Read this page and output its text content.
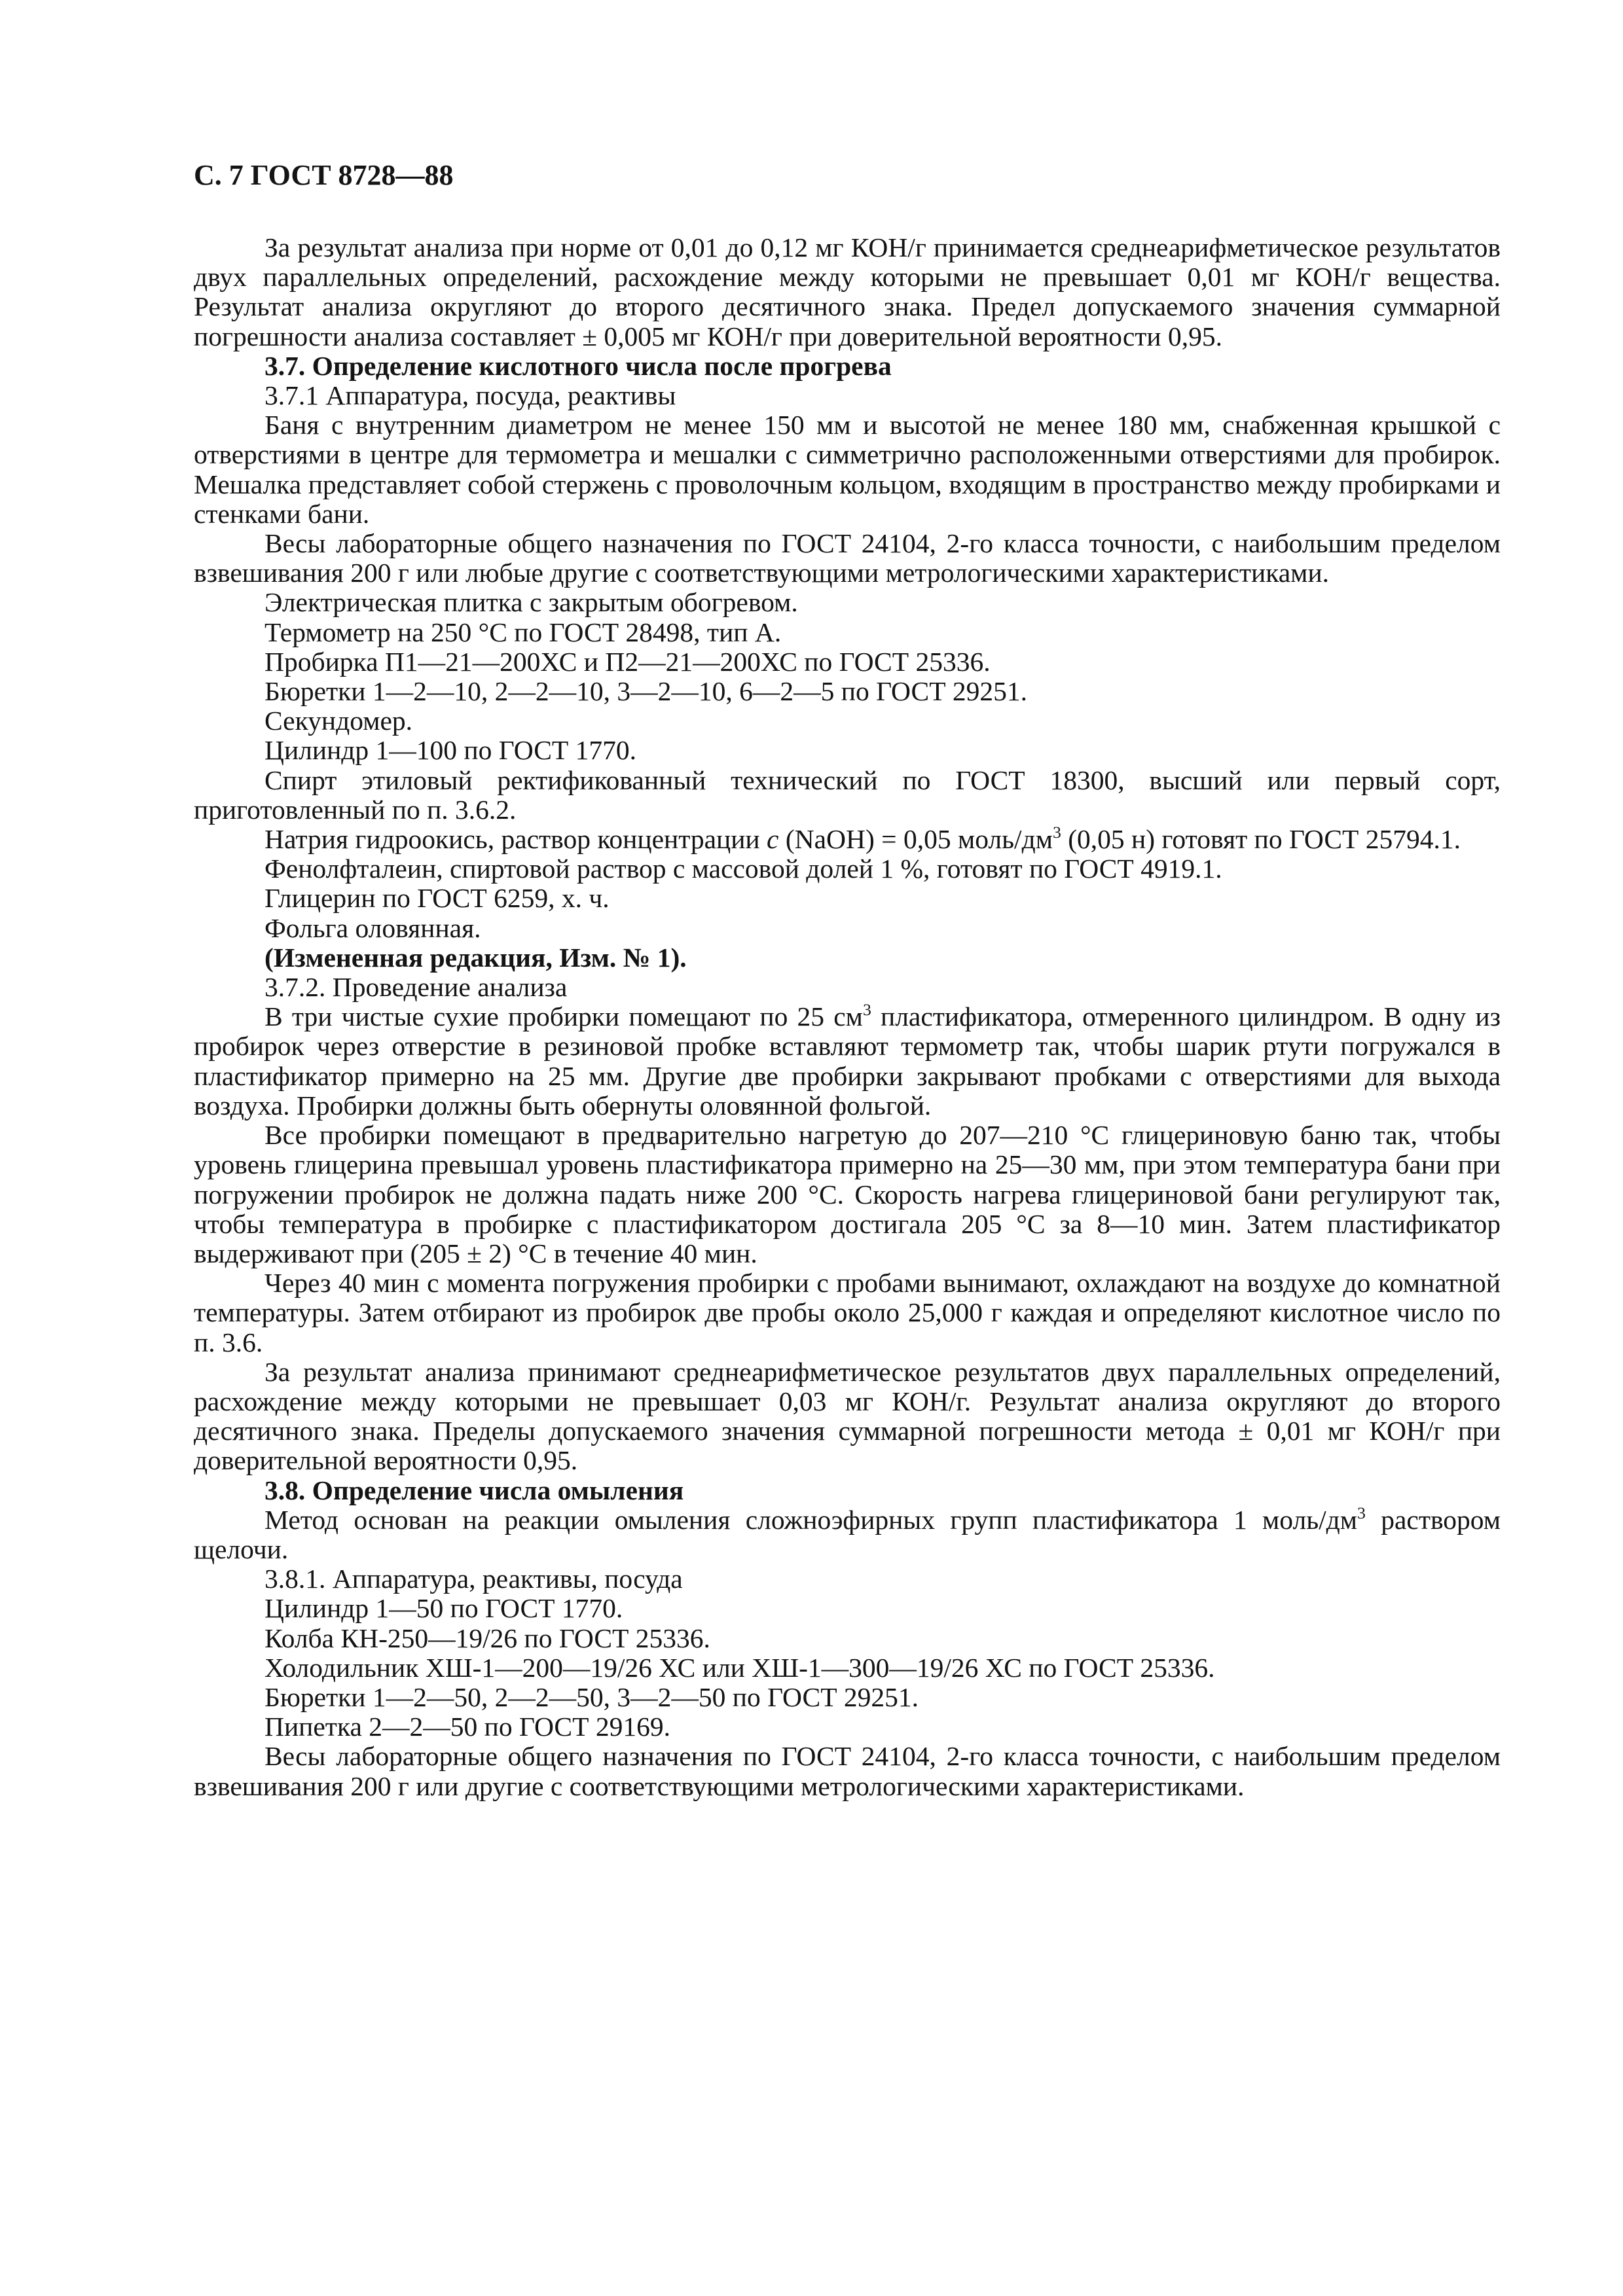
С. 7 ГОСТ 8728—88

За результат анализа при норме от 0,01 до 0,12 мг КОН/г принимается среднеарифметическое результатов двух параллельных определений, расхождение между которыми не превышает 0,01 мг КОН/г вещества. Результат анализа округляют до второго десятичного знака. Предел допускаемого значения суммарной погрешности анализа составляет ± 0,005 мг КОН/г при доверительной вероятности 0,95.

3.7. Определение кислотного числа после прогрева

3.7.1 Аппаратура, посуда, реактивы

Баня с внутренним диаметром не менее 150 мм и высотой не менее 180 мм, снабженная крышкой с отверстиями в центре для термометра и мешалки с симметрично расположенными отверстиями для пробирок. Мешалка представляет собой стержень с проволочным кольцом, входящим в пространство между пробирками и стенками бани.

Весы лабораторные общего назначения по ГОСТ 24104, 2-го класса точности, с наибольшим пределом взвешивания 200 г или любые другие с соответствующими метрологическими характеристиками.

Электрическая плитка с закрытым обогревом.

Термометр на 250 °С по ГОСТ 28498, тип А.

Пробирка П1—21—200ХС и П2—21—200ХС по ГОСТ 25336.

Бюретки 1—2—10, 2—2—10, 3—2—10, 6—2—5 по ГОСТ 29251.

Секундомер.

Цилиндр 1—100 по ГОСТ 1770.

Спирт этиловый ректификованный технический по ГОСТ 18300, высший или первый сорт, приготовленный по п. 3.6.2.

Натрия гидроокись, раствор концентрации c (NaOH) = 0,05 моль/$дм^3$ (0,05 н) готовят по ГОСТ 25794.1.

Фенолфталеин, спиртовой раствор с массовой долей 1 %, готовят по ГОСТ 4919.1.

Глицерин по ГОСТ 6259, х. ч.

Фольга оловянная.

(Измененная редакция, Изм. № 1).

3.7.2. Проведение анализа

В три чистые сухие пробирки помещают по 25 $см^3$ пластификатора, отмеренного цилиндром. В одну из пробирок через отверстие в резиновой пробке вставляют термометр так, чтобы шарик ртути погружался в пластификатор примерно на 25 мм. Другие две пробирки закрывают пробками с отверстиями для выхода воздуха. Пробирки должны быть обернуты оловянной фольгой.

Все пробирки помещают в предварительно нагретую до 207—210 °С глицериновую баню так, чтобы уровень глицерина превышал уровень пластификатора примерно на 25—30 мм, при этом температура бани при погружении пробирок не должна падать ниже 200 °С. Скорость нагрева глицериновой бани регулируют так, чтобы температура в пробирке с пластификатором достигала 205 °С за 8—10 мин. Затем пластификатор выдерживают при (205 ± 2) °С в течение 40 мин.

Через 40 мин с момента погружения пробирки с пробами вынимают, охлаждают на воздухе до комнатной температуры. Затем отбирают из пробирок две пробы около 25,000 г каждая и определяют кислотное число по п. 3.6.

За результат анализа принимают среднеарифметическое результатов двух параллельных определений, расхождение между которыми не превышает 0,03 мг КОН/г. Результат анализа округляют до второго десятичного знака. Пределы допускаемого значения суммарной погрешности метода ± 0,01 мг КОН/г при доверительной вероятности 0,95.

3.8. Определение числа омыления

Метод основан на реакции омыления сложноэфирных групп пластификатора 1 моль/$дм^3$ раствором щелочи.

3.8.1. Аппаратура, реактивы, посуда

Цилиндр 1—50 по ГОСТ 1770.

Колба КН-250—19/26 по ГОСТ 25336.

Холодильник ХШ-1—200—19/26 ХС или ХШ-1—300—19/26 ХС по ГОСТ 25336.

Бюретки 1—2—50, 2—2—50, 3—2—50 по ГОСТ 29251.

Пипетка 2—2—50 по ГОСТ 29169.

Весы лабораторные общего назначения по ГОСТ 24104, 2-го класса точности, с наибольшим пределом взвешивания 200 г или другие с соответствующими метрологическими характеристиками.
